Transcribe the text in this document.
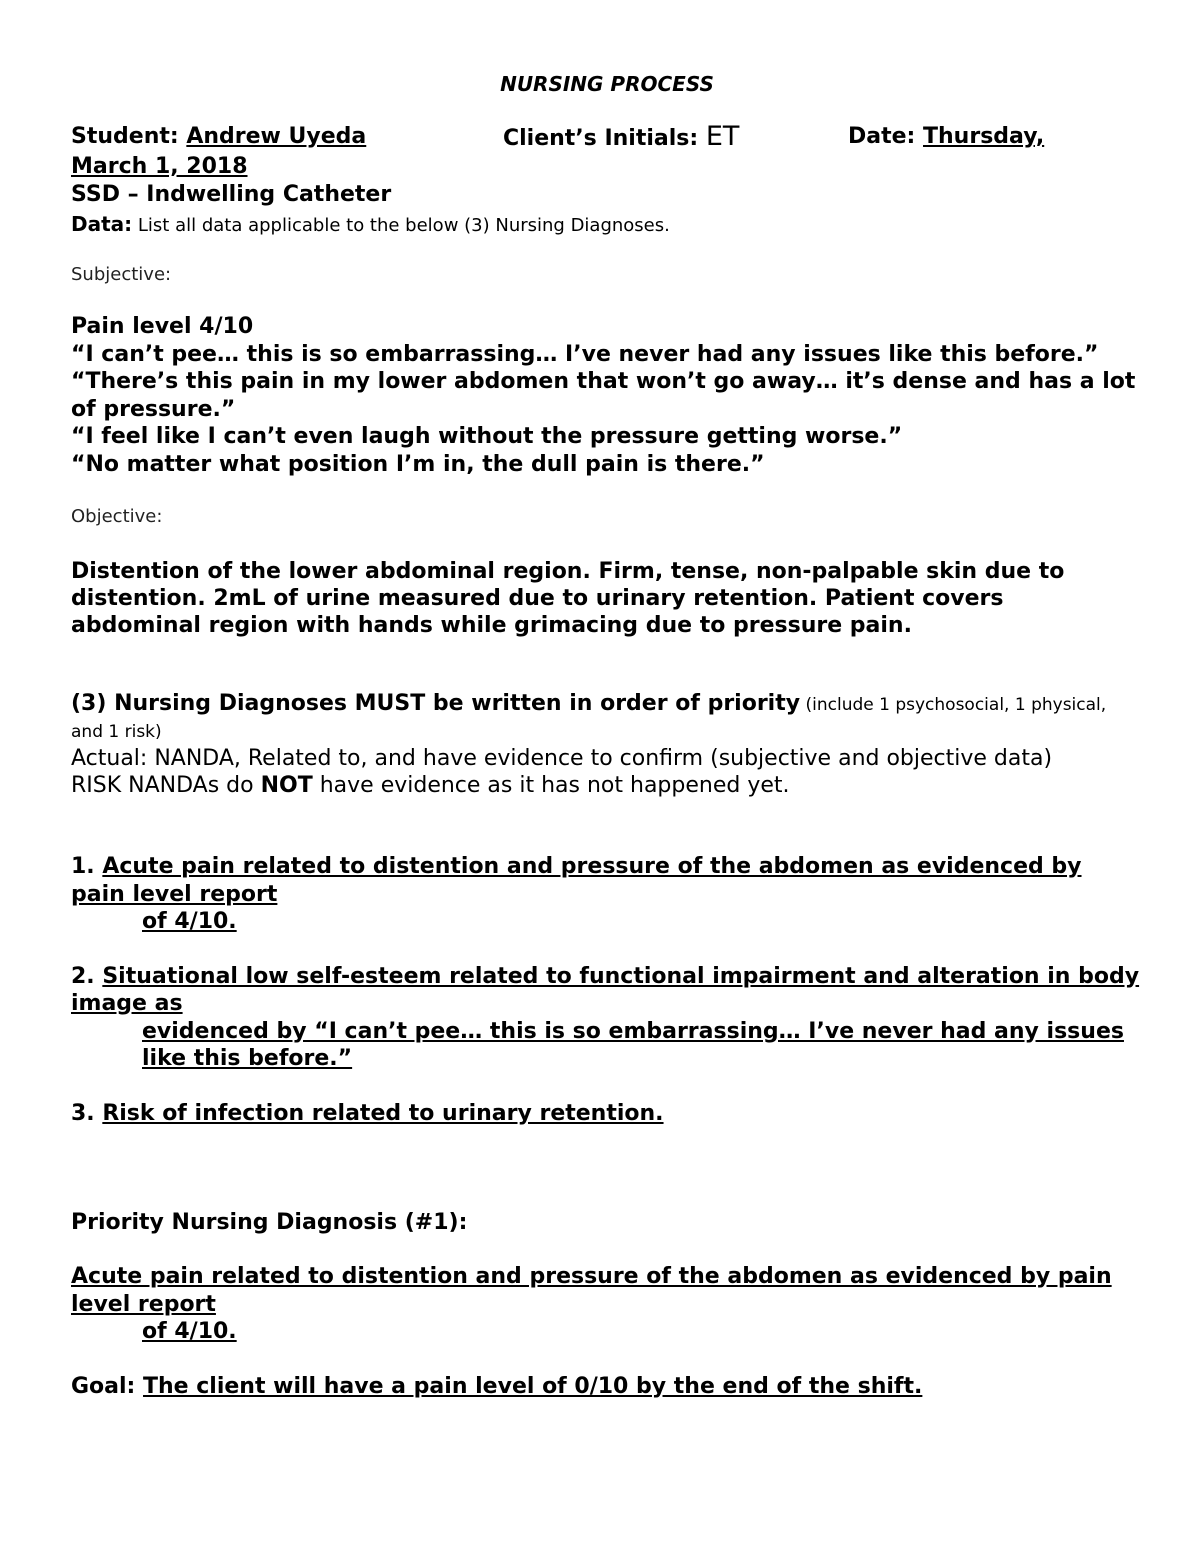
NURSING PROCESS

Student: Andrew Uyeda	Client’s Initials: ET	Date: Thursday,

March 1, 2018

SSD – Indwelling Catheter

Data: List all data applicable to the below (3) Nursing Diagnoses.

Subjective:

Pain level 4/10

“I can’t pee… this is so embarrassing… I’ve never had any issues like this before.”

“There’s this pain in my lower abdomen that won’t go away… it’s dense and has a lot of pressure.”

“I feel like I can’t even laugh without the pressure getting worse.”

“No matter what position I’m in, the dull pain is there.”

Objective:

Distention of the lower abdominal region. Firm, tense, non-palpable skin due to distention. 2mL of urine measured due to urinary retention. Patient covers abdominal region with hands while grimacing due to pressure pain.

(3) Nursing Diagnoses MUST be written in order of priority (include 1 psychosocial, 1 physical, and 1 risk)

Actual: NANDA, Related to, and have evidence to confirm (subjective and objective data)

RISK NANDAs do NOT have evidence as it has not happened yet.

1. Acute pain related to distention and pressure of the abdomen as evidenced by pain level report
of 4/10.
2. Situational low self-esteem related to functional impairment and alteration in body image as
evidenced by “I can’t pee… this is so embarrassing… I’ve never had any issues like this before.”
3. Risk of infection related to urinary retention.

Priority Nursing Diagnosis (#1):

Acute pain related to distention and pressure of the abdomen as evidenced by pain level report
of 4/10.

Goal: The client will have a pain level of 0/10 by the end of the shift.
